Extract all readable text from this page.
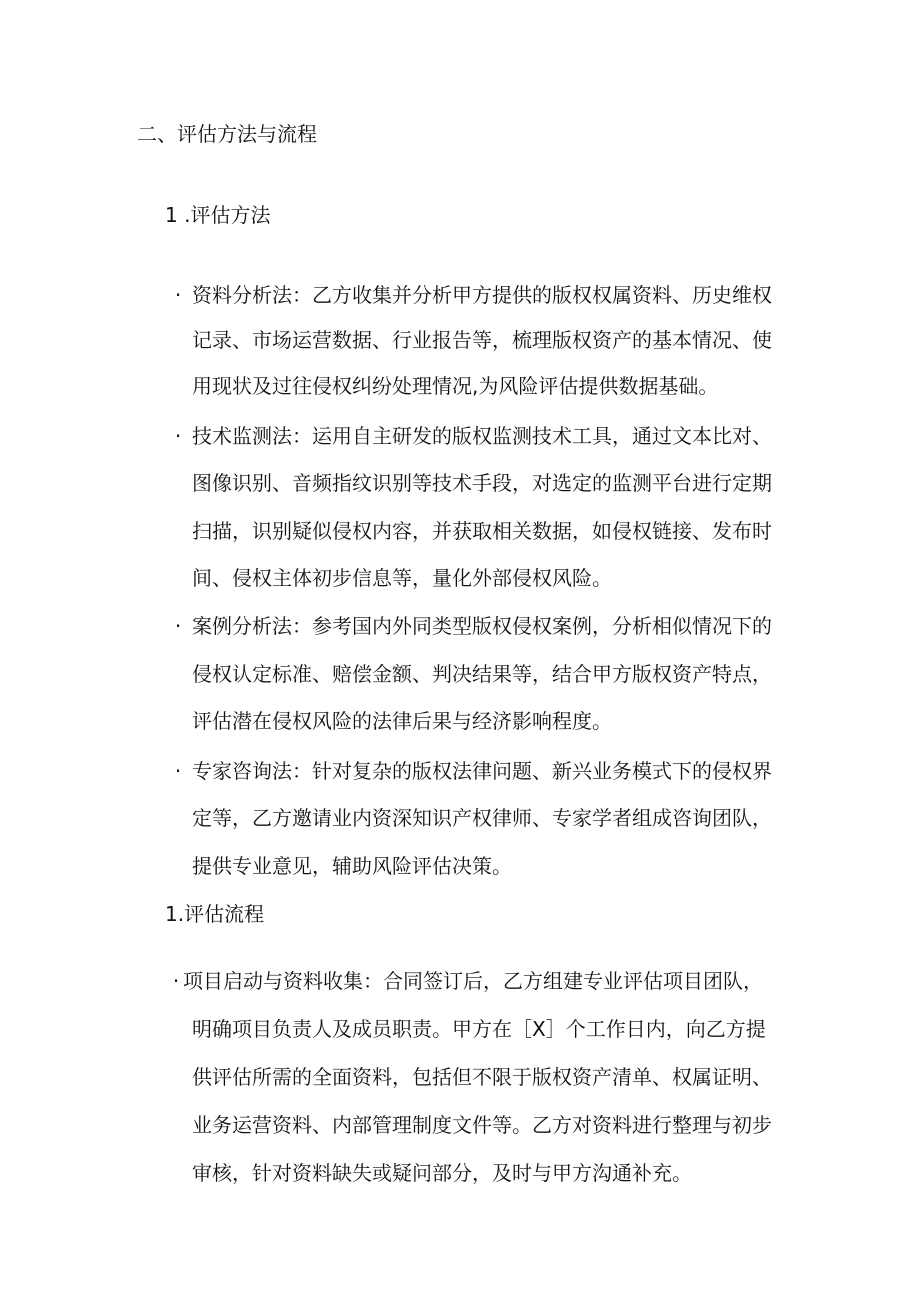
二、评估方法与流程
1 .评估方法
· 资料分析法：乙方收集并分析甲方提供的版权权属资料、历史维权
记录、市场运营数据、行业报告等，梳理版权资产的基本情况、使
用现状及过往侵权纠纷处理情况,为风险评估提供数据基础。
· 技术监测法：运用自主研发的版权监测技术工具，通过文本比对、
图像识别、音频指纹识别等技术手段，对选定的监测平台进行定期
扫描，识别疑似侵权内容，并获取相关数据，如侵权链接、发布时
间、侵权主体初步信息等，量化外部侵权风险。
· 案例分析法：参考国内外同类型版权侵权案例，分析相似情况下的
侵权认定标准、赔偿金额、判决结果等，结合甲方版权资产特点，
评估潜在侵权风险的法律后果与经济影响程度。
· 专家咨询法：针对复杂的版权法律问题、新兴业务模式下的侵权界
定等，乙方邀请业内资深知识产权律师、专家学者组成咨询团队，
提供专业意见，辅助风险评估决策。
1.评估流程
· 项目启动与资料收集：合同签订后，乙方组建专业评估项目团队，
明确项目负责人及成员职责。甲方在［X］个工作日内，向乙方提
供评估所需的全面资料，包括但不限于版权资产清单、权属证明、
业务运营资料、内部管理制度文件等。乙方对资料进行整理与初步
审核，针对资料缺失或疑问部分，及时与甲方沟通补充。
